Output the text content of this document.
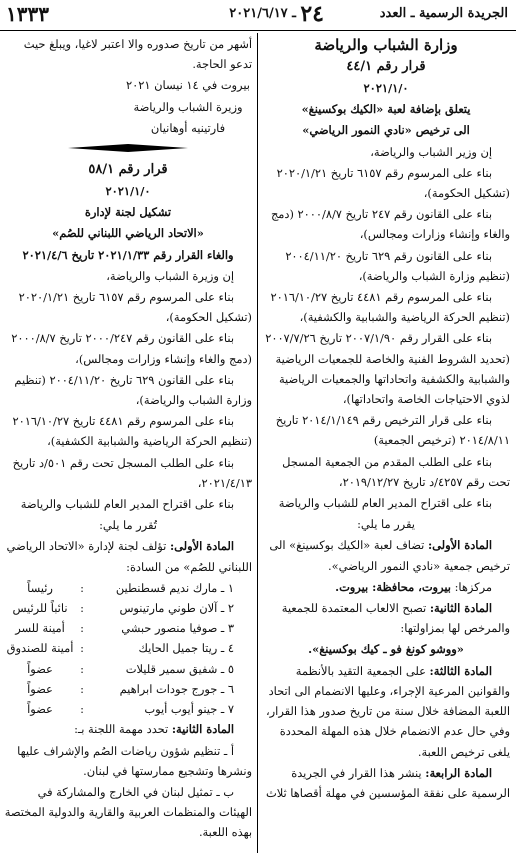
الجريدة الرسمية ـ العدد
٢٤
ـ ٢٠٢١/٦/١٧
١٣٣٣

وزارة الشباب والرياضة

قرار رقم ٤٤/١

٢٠٢١/١/٠

يتعلق بإضافة لعبة «الكيك بوكسينغ»

الى ترخيص «نادي النمور الرياضي»

إن وزير الشباب والرياضة،

بناء على المرسوم رقم ٦١٥٧ تاريخ ٢٠٢٠/١/٢١ (تشكيل الحكومة)،

بناء على القانون رقم ٢٤٧ تاريخ ٢٠٠٠/٨/٧ (دمج والغاء وإنشاء وزارات ومجالس)،

بناء على القانون رقم ٦٢٩ تاريخ ٢٠٠٤/١١/٢٠ (تنظيم وزارة الشباب والرياضة)،

بناء على المرسوم رقم ٤٤٨١ تاريخ ٢٠١٦/١٠/٢٧ (تنظيم الحركة الرياضية والشبابية والكشفية)،

بناء على القرار رقم ٢٠٠٧/١/٩٠ تاريخ ٢٠٠٧/٧/٢٦ (تحديد الشروط الفنية والخاصة للجمعيات الرياضية والشبابية والكشفية واتحاداتها والجمعيات الرياضية لذوي الاحتياجات الخاصة واتحاداتها)،

بناء على قرار الترخيص رقم ٢٠١٤/١/١٤٩ تاريخ ٢٠١٤/٨/١١ (ترخيص الجمعية)

بناء على الطلب المقدم من الجمعية المسجل تحت رقم ٤٢٥٧/د تاريخ ٢٠١٩/١٢/٢٧،

بناء على اقتراح المدير العام للشباب والرياضة

يقرر ما يلي:

المادة الأولى: تضاف لعبة «الكيك بوكسينغ» الى ترخيص جمعية «نادي النمور الرياضي».

مركزها: بيروت، محافظة: بيروت.

المادة الثانية: تصبح الالعاب المعتمدة للجمعية والمرخص لها بمزاولتها:

«ووشو كونغ فو ـ كيك بوكسينغ».

المادة الثالثة: على الجمعية التقيد بالأنظمة والقوانين المرعية الإجراء، وعليها الانضمام الى اتحاد اللعبة المضافة خلال سنة من تاريخ صدور هذا القرار، وفي حال عدم الانضمام خلال هذه المهلة المحددة يلغى ترخيص اللعبة.

المادة الرابعة: ينشر هذا القرار في الجريدة الرسمية على نفقة المؤسسين في مهلة أقصاها ثلاث

أشهر من تاريخ صدوره والا اعتبر لاغيا، ويبلغ حيث تدعو الحاجة.

بيروت في ١٤ نيسان ٢٠٢١

وزيرة الشباب والرياضة

فارتينيه أوهانيان

قرار رقم ٥٨/١

٢٠٢١/١/٠

تشكيل لجنة لإدارة

«الاتحاد الرياضي اللبناني للصُم»

والغاء القرار رقم ٢٠٢١/١/٣٣ تاريخ ٢٠٢١/٤/٦

إن وزيرة الشباب والرياضة،

بناء على المرسوم رقم ٦١٥٧ تاريخ ٢٠٢٠/١/٢١ (تشكيل الحكومة)،

بناء على القانون رقم ٢٠٠٠/٢٤٧ تاريخ ٢٠٠٠/٨/٧ (دمج والغاء وإنشاء وزارات ومجالس)،

بناء على القانون ٦٢٩ تاريخ ٢٠٠٤/١١/٢٠ (تنظيم وزارة الشباب والرياضة)،

بناء على المرسوم رقم ٤٤٨١ تاريخ ٢٠١٦/١٠/٢٧ (تنظيم الحركة الرياضية والشبابية الكشفية)،

بناء على الطلب المسجل تحت رقم ٥٠١/د تاريخ ٢٠٢١/٤/١٣،

بناء على اقتراح المدير العام للشباب والرياضة

تُقرر ما يلي:

المادة الأولى: تؤلف لجنة لإدارة «الاتحاد الرياضي اللبناني للصُم» من السادة:

١ ـ مارك نديم قسطنطين
:
رئيساً
٢ ـ آلان طوني مارتينوس
:
نائباً للرئيس
٣ ـ صوفيا منصور حبشي
:
أمينة للسر
٤ ـ ريتا جميل الحايك
:
أمينة للصندوق
٥ ـ شفيق سمير قليلات
:
عضواً
٦ ـ جورج جودات ابراهيم
:
عضواً
٧ ـ جينو أيوب أيوب
:
عضواً

المادة الثانية: تحدد مهمة اللجنة بـ:

أ ـ تنظيم شؤون رياضات الصُم والإشراف عليها ونشرها وتشجيع ممارستها في لبنان.

ب ـ تمثيل لبنان في الخارج والمشاركة في الهيئات والمنظمات العربية والقارية والدولية المختصة بهذه اللعبة.
